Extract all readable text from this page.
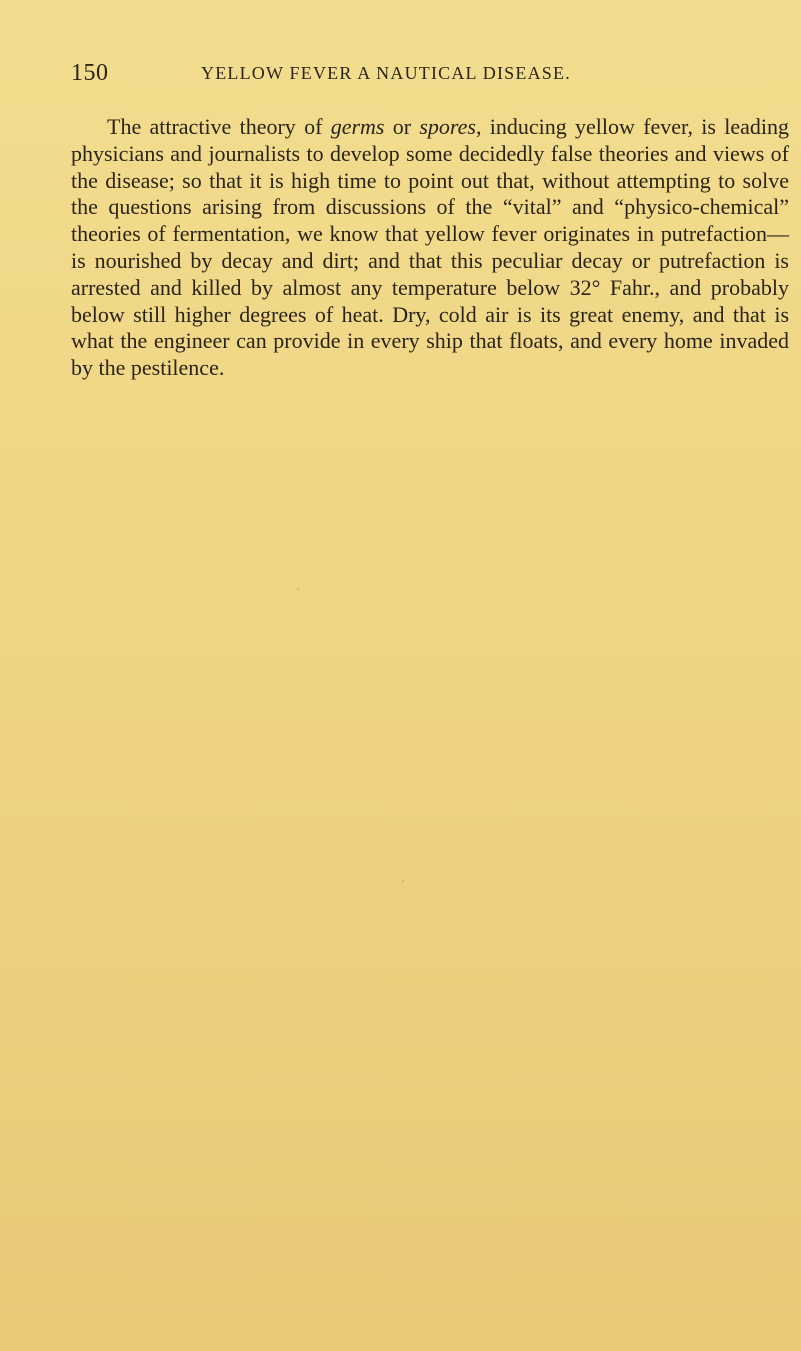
150	YELLOW FEVER A NAUTICAL DISEASE.

The attractive theory of germs or spores, inducing yellow fever, is leading physicians and journalists to develop some decidedly false theories and views of the disease; so that it is high time to point out that, without attempting to solve the questions arising from discussions of the “vital” and “physico-chemical” theories of fermentation, we know that yellow fever originates in putrefaction—is nourished by decay and dirt; and that this peculiar decay or putrefaction is arrested and killed by almost any temperature below 32° Fahr., and probably below still higher degrees of heat. Dry, cold air is its great enemy, and that is what the engineer can provide in every ship that floats, and every home invaded by the pestilence.
